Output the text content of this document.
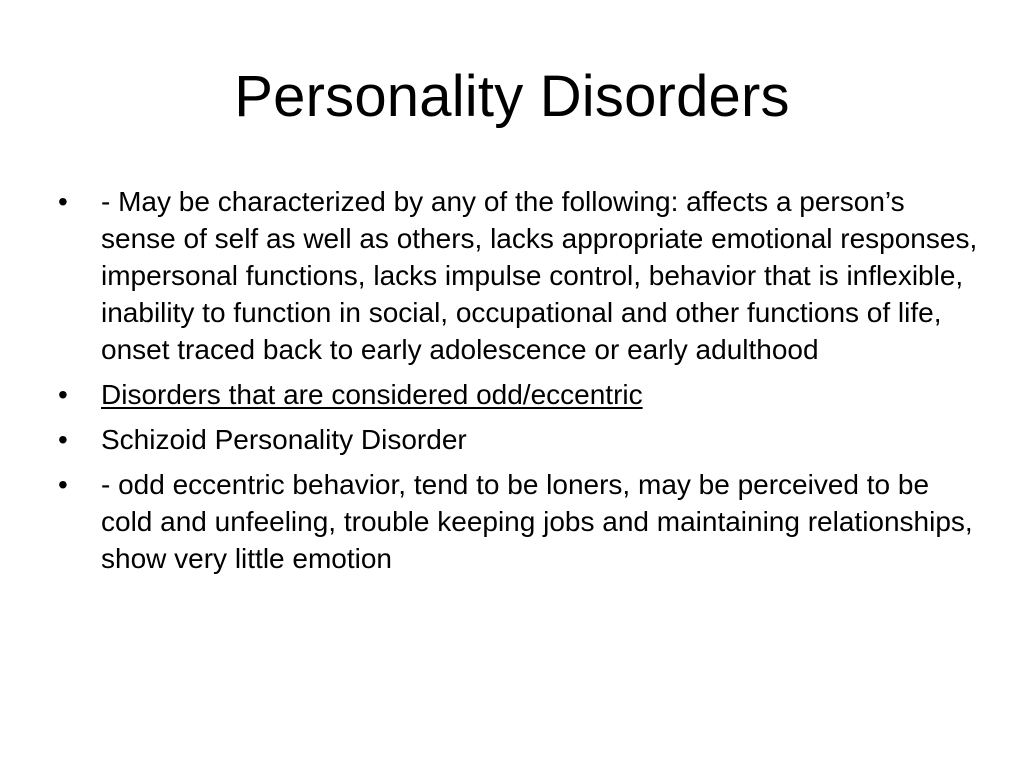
Personality Disorders
•	- May be characterized by any of the following: affects a person’s sense of self as well as others, lacks appropriate emotional responses, impersonal functions, lacks impulse control, behavior that is inflexible, inability to function in social, occupational and other functions of life, onset traced back to early adolescence or early adulthood
•	Disorders that are considered odd/eccentric
•	Schizoid Personality Disorder
•	- odd eccentric behavior, tend to be loners, may be perceived to be cold and unfeeling, trouble keeping jobs and maintaining relationships, show very little emotion
